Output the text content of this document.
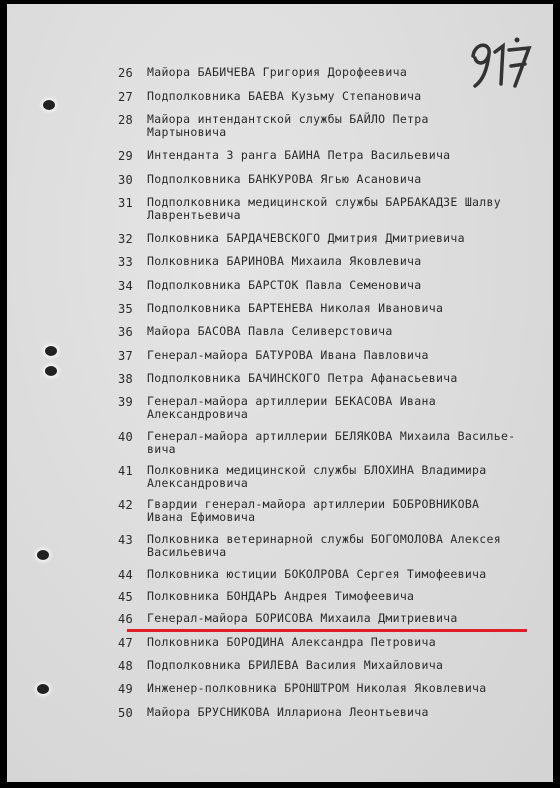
26 Майора БАБИЧЕВА Григория Дорофеевича
27 Подполковника БАЕВА Кузьму Степановича
28 Майора интендантской службы БАЙЛО Петра
Мартыновича
29 Интенданта 3 ранга БАИНА Петра Васильевича
30 Подполковника БАНКУРОВА Ягью Асановича
31 Подполковника медицинской службы БАРБАКАДЗЕ Шалву
Лаврентьевича
32 Полковника БАРДАЧЕВСКОГО Дмитрия Дмитриевича
33 Полковника БАРИНОВА Михаила Яковлевича
34 Подполковника БАРСТОК Павла Семеновича
35 Подполковника БАРТЕНЕВА Николая Ивановича
36 Майора БАСОВА Павла Селиверстовича
37 Генерал-майора БАТУРОВА Ивана Павловича
38 Подполковника БАЧИНСКОГО Петра Афанасьевича
39 Генерал-майора артиллерии БЕКАСОВА Ивана
Александровича
40 Генерал-майора артиллерии БЕЛЯКОВА Михаила Василье-
вича
41 Полковника медицинской службы БЛОХИНА Владимира
Александровича
42 Гвардии генерал-майора артиллерии БОБРОВНИКОВА
Ивана Ефимовича
43 Полковника ветеринарной службы БОГОМОЛОВА Алексея
Васильевича
44 Полковника юстиции БОКОЛРОВА Сергея Тимофеевича
45 Полковника БОНДАРЬ Андрея Тимофеевича
46 Генерал-майора БОРИСОВА Михаила Дмитриевича
47 Полковника БОРОДИНА Александра Петровича
48 Подполковника БРИЛЕВА Василия Михайловича
49 Инженер-полковника БРОНШТРОМ Николая Яковлевича
50 Майора БРУСНИКОВА Иллариона Леонтьевича
